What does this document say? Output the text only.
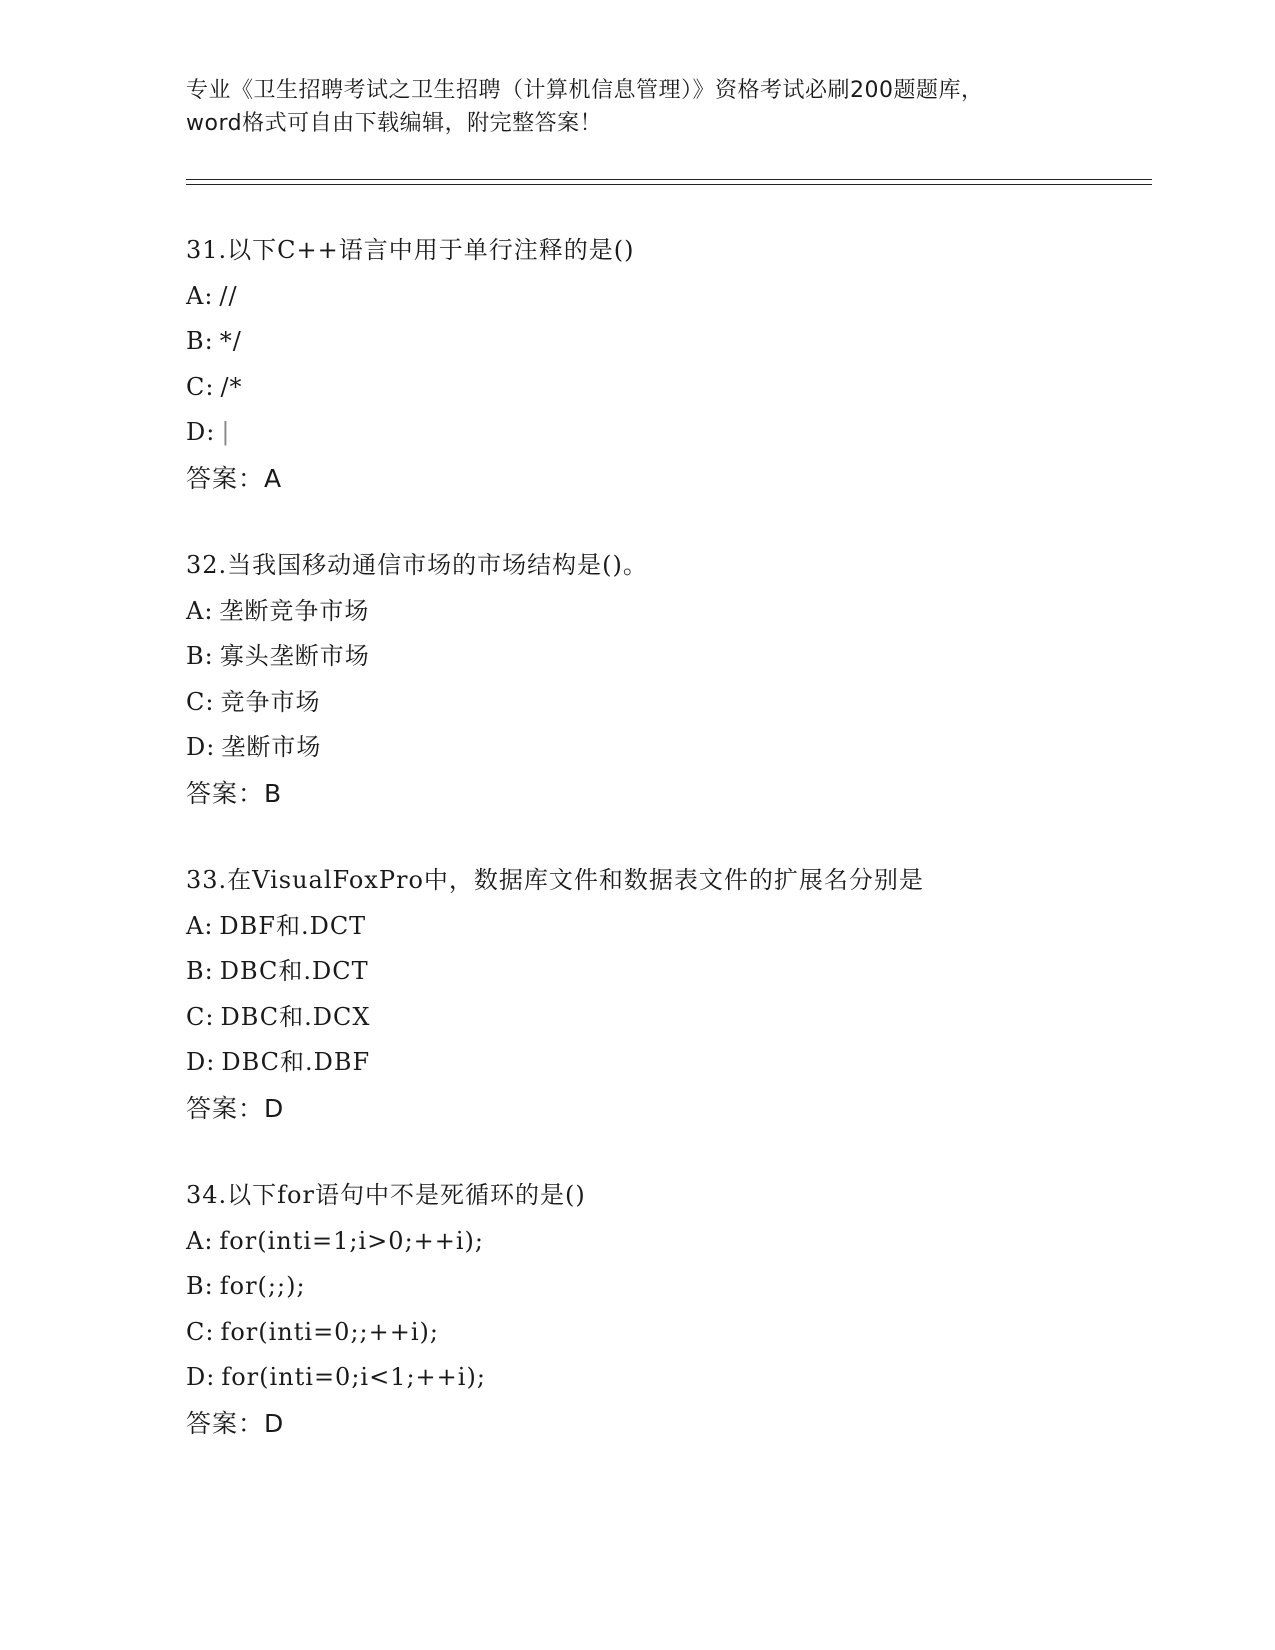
专业《卫生招聘考试之卫生招聘（计算机信息管理）》资格考试必刷200题题库，
word格式可自由下载编辑，附完整答案！
31.以下C++语言中用于单行注释的是()
A: //
B: */
C: /*
D: |
答案：A
32.当我国移动通信市场的市场结构是()。
A: 垄断竞争市场
B: 寡头垄断市场
C: 竞争市场
D: 垄断市场
答案：B
33.在VisualFoxPro中，数据库文件和数据表文件的扩展名分别是
A: DBF和.DCT
B: DBC和.DCT
C: DBC和.DCX
D: DBC和.DBF
答案：D
34.以下for语句中不是死循环的是()
A: for(inti=1;i>0;++i);
B: for(;;);
C: for(inti=0;;++i);
D: for(inti=0;i<1;++i);
答案：D
